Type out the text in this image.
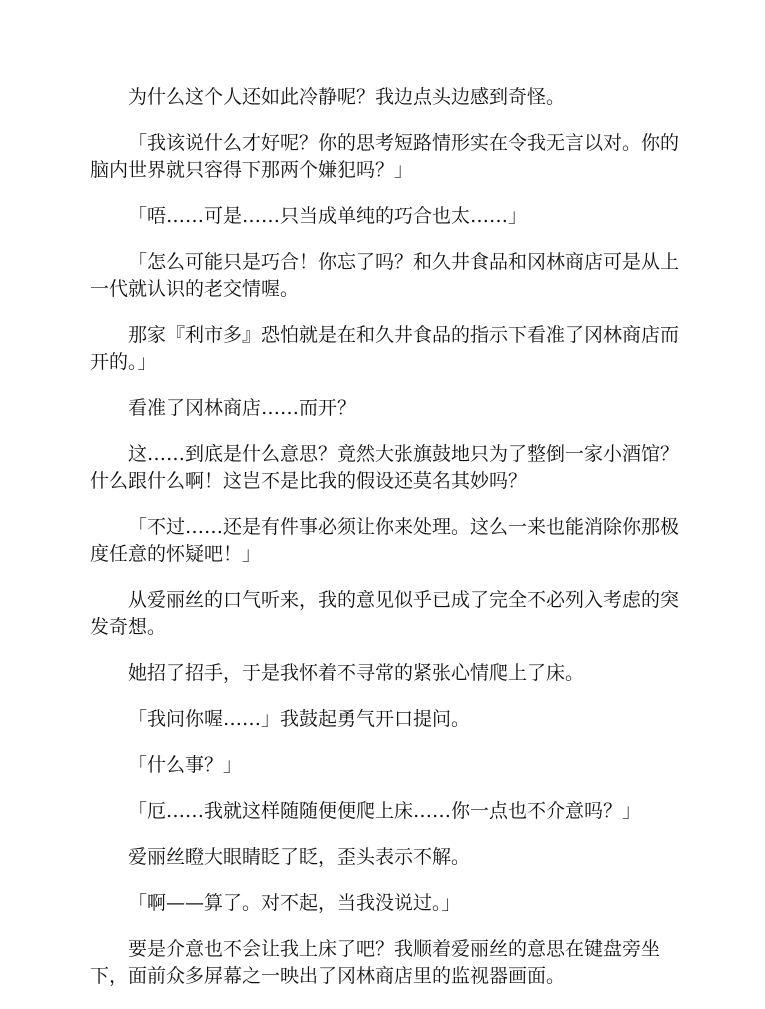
为什么这个人还如此冷静呢？我边点头边感到奇怪。

「我该说什么才好呢？你的思考短路情形实在令我无言以对。你的脑内世界就只容得下那两个嫌犯吗？」

「唔……可是……只当成单纯的巧合也太……」

「怎么可能只是巧合！你忘了吗？和久井食品和冈林商店可是从上一代就认识的老交情喔。

那家『利市多』恐怕就是在和久井食品的指示下看准了冈林商店而开的。」

看准了冈林商店……而开？

这……到底是什么意思？竟然大张旗鼓地只为了整倒一家小酒馆？什么跟什么啊！这岂不是比我的假设还莫名其妙吗？

「不过……还是有件事必须让你来处理。这么一来也能消除你那极度任意的怀疑吧！」

从爱丽丝的口气听来，我的意见似乎已成了完全不必列入考虑的突发奇想。

她招了招手，于是我怀着不寻常的紧张心情爬上了床。

「我问你喔……」我鼓起勇气开口提问。

「什么事？」

「厄……我就这样随随便便爬上床……你一点也不介意吗？」

爱丽丝瞪大眼睛眨了眨，歪头表示不解。

「啊——算了。对不起，当我没说过。」

要是介意也不会让我上床了吧？我顺着爱丽丝的意思在键盘旁坐下，面前众多屏幕之一映出了冈林商店里的监视器画面。
